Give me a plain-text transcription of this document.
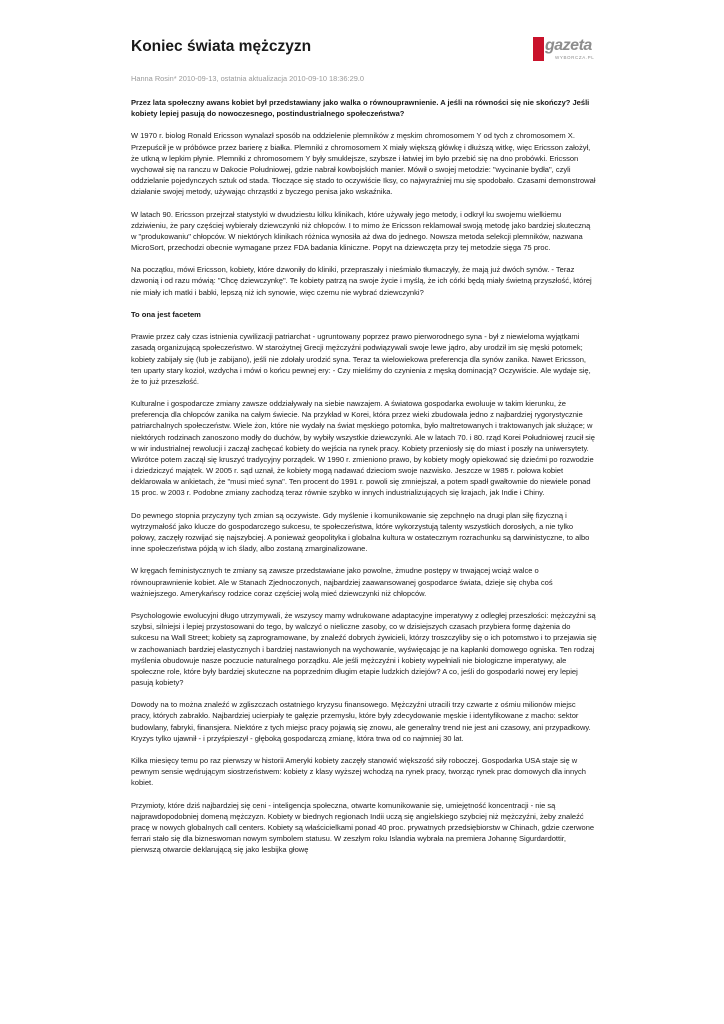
Koniec świata mężczyzn	gazeta
WYBORCZA.PL
Hanna Rosin* 2010-09-13, ostatnia aktualizacja 2010-09-10 18:36:29.0

Przez lata społeczny awans kobiet był przedstawiany jako walka o równouprawnienie. A jeśli na równości się nie skończy? Jeśli kobiety lepiej pasują do nowoczesnego, postindustrialnego społeczeństwa?

W 1970 r. biolog Ronald Ericsson wynalazł sposób na oddzielenie plemników z męskim chromosomem Y od tych z chromosomem X. Przepuścił je w próbówce przez barierę z białka. Plemniki z chromosomem X miały większą główkę i dłuższą witkę, więc Ericsson założył, że utkną w lepkim płynie. Plemniki z chromosomem Y były smuklejsze, szybsze i łatwiej im było przebić się na dno probówki. Ericsson wychował się na ranczu w Dakocie Południowej, gdzie nabrał kowbojskich manier. Mówił o swojej metodzie: "wycinanie bydła", czyli oddzielanie pojedynczych sztuk od stada. Tłoczące się stado to oczywiście Iksy, co najwyraźniej mu się spodobało. Czasami demonstrował działanie swojej metody, używając chrząstki z byczego penisa jako wskaźnika.

W latach 90. Ericsson przejrzał statystyki w dwudziestu kilku klinikach, które używały jego metody, i odkrył ku swojemu wielkiemu zdziwieniu, że pary częściej wybierały dziewczynki niż chłopców. I to mimo że Ericsson reklamował swoją metodę jako bardziej skuteczną w "produkowaniu" chłopców. W niektórych klinikach różnica wynosiła aż dwa do jednego. Nowsza metoda selekcji plemników, nazwana MicroSort, przechodzi obecnie wymagane przez FDA badania kliniczne. Popyt na dziewczęta przy tej metodzie sięga 75 proc.

Na początku, mówi Ericsson, kobiety, które dzwoniły do kliniki, przepraszały i nieśmiało tłumaczyły, że mają już dwóch synów. - Teraz dzwonią i od razu mówią: "Chcę dziewczynkę". Te kobiety patrzą na swoje życie i myślą, że ich córki będą miały świetną przyszłość, której nie miały ich matki i babki, lepszą niż ich synowie, więc czemu nie wybrać dziewczynki?

To ona jest facetem

Prawie przez cały czas istnienia cywilizacji patriarchat - ugruntowany poprzez prawo pierworodnego syna - był z niewieloma wyjątkami zasadą organizującą społeczeństwo. W starożytnej Grecji mężczyźni podwiązywali swoje lewe jądro, aby urodził im się męski potomek; kobiety zabijały się (lub je zabijano), jeśli nie zdołały urodzić syna. Teraz ta wielowiekowa preferencja dla synów zanika. Nawet Ericsson, ten uparty stary kozioł, wzdycha i mówi o końcu pewnej ery: - Czy mieliśmy do czynienia z męską dominacją? Oczywiście. Ale wydaje się, że to już przeszłość.

Kulturalne i gospodarcze zmiany zawsze oddziaływały na siebie nawzajem. A światowa gospodarka ewoluuje w takim kierunku, że preferencja dla chłopców zanika na całym świecie. Na przykład w Korei, która przez wieki zbudowała jedno z najbardziej rygorystycznie patriarchalnych społeczeństw. Wiele żon, które nie wydały na świat męskiego potomka, było maltretowanych i traktowanych jak służące; w niektórych rodzinach zanoszono modły do duchów, by wybiły wszystkie dziewczynki. Ale w latach 70. i 80. rząd Korei Południowej rzucił się w wir industrialnej rewolucji i zaczął zachęcać kobiety do wejścia na rynek pracy. Kobiety przeniosły się do miast i poszły na uniwersytety. Wkrótce potem zaczął się kruszyć tradycyjny porządek. W 1990 r. zmieniono prawo, by kobiety mogły opiekować się dziećmi po rozwodzie i dziedziczyć majątek. W 2005 r. sąd uznał, że kobiety mogą nadawać dzieciom swoje nazwisko. Jeszcze w 1985 r. połowa kobiet deklarowała w ankietach, że "musi mieć syna". Ten procent do 1991 r. powoli się zmniejszał, a potem spadł gwałtownie do niewiele ponad 15 proc. w 2003 r. Podobne zmiany zachodzą teraz równie szybko w innych industrializujących się krajach, jak Indie i Chiny.

Do pewnego stopnia przyczyny tych zmian są oczywiste. Gdy myślenie i komunikowanie się zepchnęło na drugi plan siłę fizyczną i wytrzymałość jako klucze do gospodarczego sukcesu, te społeczeństwa, które wykorzystują talenty wszystkich dorosłych, a nie tylko połowy, zaczęły rozwijać się najszybciej. A ponieważ geopolityka i globalna kultura w ostatecznym rozrachunku są darwinistyczne, to albo inne społeczeństwa pójdą w ich ślady, albo zostaną zmarginalizowane.

W kręgach feministycznych te zmiany są zawsze przedstawiane jako powolne, żmudne postępy w trwającej wciąż walce o równouprawnienie kobiet. Ale w Stanach Zjednoczonych, najbardziej zaawansowanej gospodarce świata, dzieje się chyba coś ważniejszego. Amerykańscy rodzice coraz częściej wolą mieć dziewczynki niż chłopców.

Psychologowie ewolucyjni długo utrzymywali, że wszyscy mamy wdrukowane adaptacyjne imperatywy z odległej przeszłości: mężczyźni są szybsi, silniejsi i lepiej przystosowani do tego, by walczyć o nieliczne zasoby, co w dzisiejszych czasach przybiera formę dążenia do sukcesu na Wall Street; kobiety są zaprogramowane, by znaleźć dobrych żywicieli, którzy troszczyliby się o ich potomstwo i to przejawia się w zachowaniach bardziej elastycznych i bardziej nastawionych na wychowanie, wyświęcając je na kapłanki domowego ogniska. Ten rodzaj myślenia obudowuje nasze poczucie naturalnego porządku. Ale jeśli mężczyźni i kobiety wypełniali nie biologiczne imperatywy, ale społeczne role, które były bardziej skuteczne na poprzednim długim etapie ludzkich dziejów? A co, jeśli do gospodarki nowej ery lepiej pasują kobiety?

Dowody na to można znaleźć w zgliszczach ostatniego kryzysu finansowego. Mężczyźni utracili trzy czwarte z ośmiu milionów miejsc pracy, których zabrakło. Najbardziej ucierpiały te gałęzie przemysłu, które były zdecydowanie męskie i identyfikowane z macho: sektor budowlany, fabryki, finansjera. Niektóre z tych miejsc pracy pojawią się znowu, ale generalny trend nie jest ani czasowy, ani przypadkowy. Kryzys tylko ujawnił - i przyśpieszył - głęboką gospodarczą zmianę, która trwa od co najmniej 30 lat.

Kilka miesięcy temu po raz pierwszy w historii Ameryki kobiety zaczęły stanowić większość siły roboczej. Gospodarka USA staje się w pewnym sensie wędrującym siostrzeństwem: kobiety z klasy wyższej wchodzą na rynek pracy, tworząc rynek prac domowych dla innych kobiet.

Przymioty, które dziś najbardziej się ceni - inteligencja społeczna, otwarte komunikowanie się, umiejętność koncentracji - nie są najprawdopodobniej domeną mężczyzn. Kobiety w biednych regionach Indii uczą się angielskiego szybciej niż mężczyźni, żeby znaleźć pracę w nowych globalnych call centers. Kobiety są właścicielkami ponad 40 proc. prywatnych przedsiębiorstw w Chinach, gdzie czerwone ferrari stało się dla bizneswoman nowym symbolem statusu. W zeszłym roku Islandia wybrała na premiera Johannę Sigurdardottir, pierwszą otwarcie deklarującą się jako lesbijka głowę
